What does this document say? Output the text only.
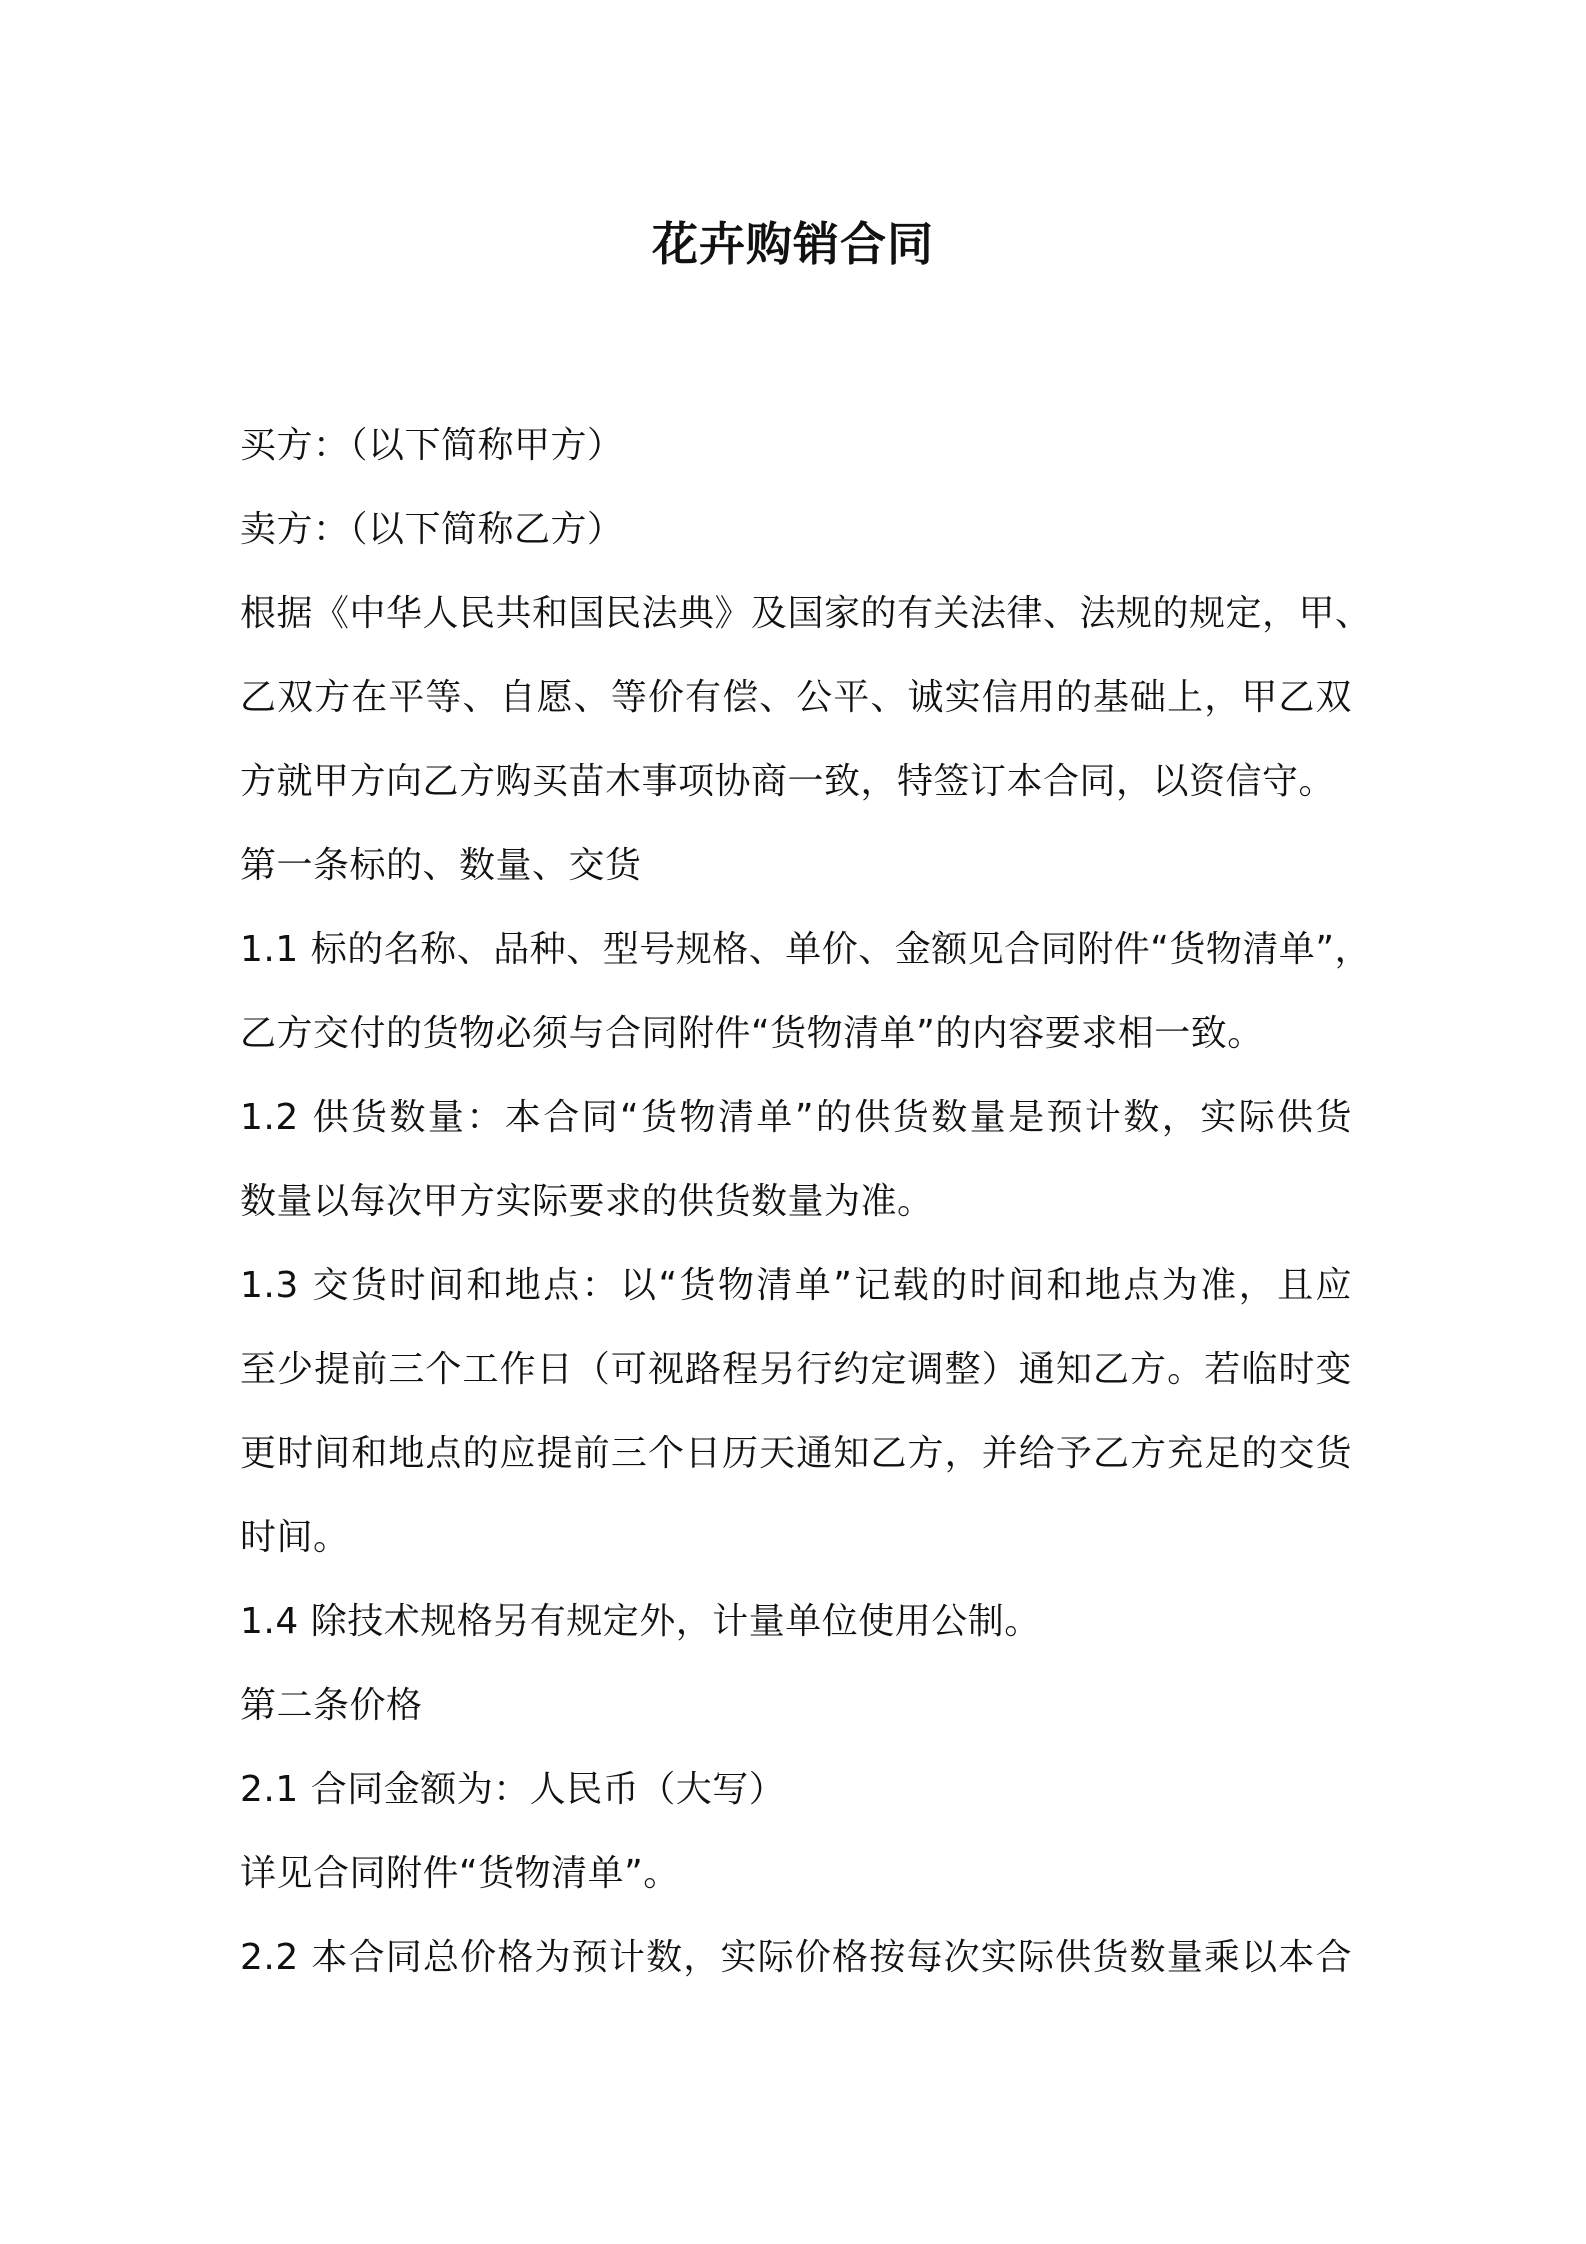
花卉购销合同
买方：（以下简称甲方）
卖方：（以下简称乙方）
根据《中华人民共和国民法典》及国家的有关法律、法规的规定，甲、
乙双方在平等、自愿、等价有偿、公平、诚实信用的基础上，甲乙双
方就甲方向乙方购买苗木事项协商一致，特签订本合同，以资信守。
第一条标的、数量、交货
1.1 标的名称、品种、型号规格、单价、金额见合同附件“货物清单”，
乙方交付的货物必须与合同附件“货物清单”的内容要求相一致。
1.2 供货数量：本合同“货物清单”的供货数量是预计数，实际供货
数量以每次甲方实际要求的供货数量为准。
1.3 交货时间和地点：以“货物清单”记载的时间和地点为准，且应
至少提前三个工作日（可视路程另行约定调整）通知乙方。若临时变
更时间和地点的应提前三个日历天通知乙方，并给予乙方充足的交货
时间。
1.4 除技术规格另有规定外，计量单位使用公制。
第二条价格
2.1 合同金额为：人民币（大写）
详见合同附件“货物清单”。
2.2 本合同总价格为预计数，实际价格按每次实际供货数量乘以本合
